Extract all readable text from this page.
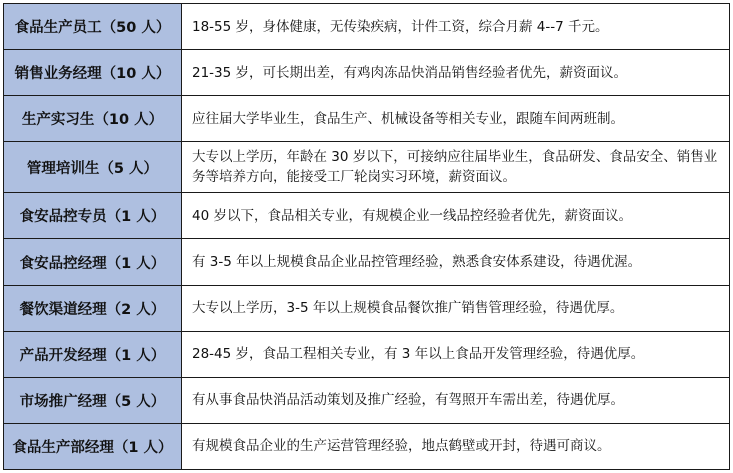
食品生产员工（50 人）	18-55 岁，身体健康，无传染疾病，计件工资，综合月薪 4--7 千元。
销售业务经理（10 人）	21-35 岁，可长期出差，有鸡肉冻品快消品销售经验者优先，薪资面议。
生产实习生（10 人）	应往届大学毕业生，食品生产、机械设备等相关专业，跟随车间两班制。
管理培训生（5 人）	大专以上学历，年龄在 30 岁以下，可接纳应往届毕业生，食品研发、食品安全、销售业务等培养方向，能接受工厂轮岗实习环境，薪资面议。
食安品控专员（1 人）	40 岁以下，食品相关专业，有规模企业一线品控经验者优先，薪资面议。
食安品控经理（1 人）	有 3-5 年以上规模食品企业品控管理经验，熟悉食安体系建设，待遇优渥。
餐饮渠道经理（2 人）	大专以上学历，3-5 年以上规模食品餐饮推广销售管理经验，待遇优厚。
产品开发经理（1 人）	28-45 岁，食品工程相关专业，有 3 年以上食品开发管理经验，待遇优厚。
市场推广经理（5 人）	有从事食品快消品活动策划及推广经验，有驾照开车需出差，待遇优厚。
食品生产部经理（1 人）	有规模食品企业的生产运营管理经验，地点鹤壁或开封，待遇可商议。
